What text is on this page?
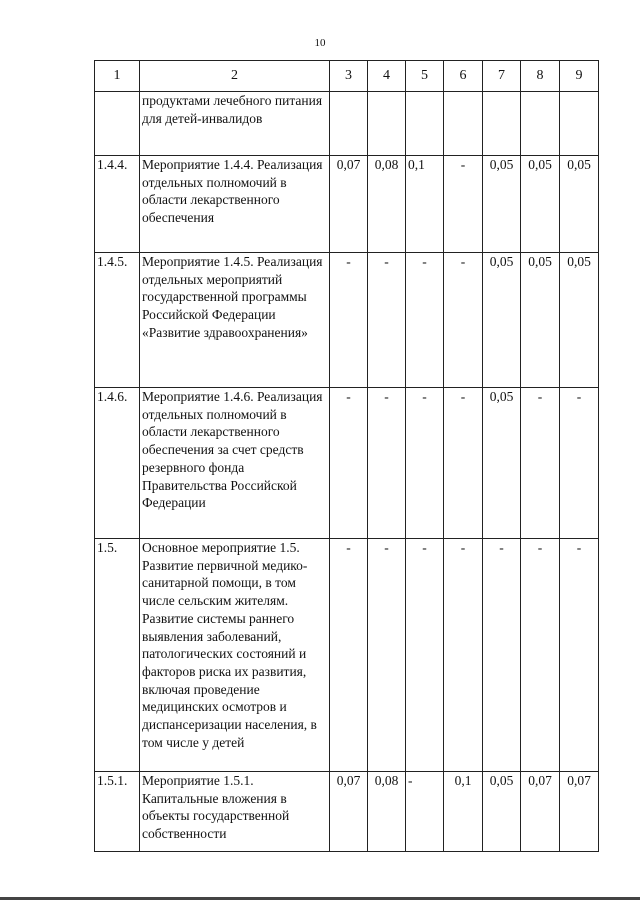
10
1	2	3	4	5	6	7	8	9
	продуктами лечебного питания для детей-инвалидов							
1.4.4.	Мероприятие 1.4.4. Реализация отдельных полномочий в области лекарственного обеспечения	0,07	0,08	0,1	-	0,05	0,05	0,05
1.4.5.	Мероприятие 1.4.5. Реализация отдельных мероприятий государственной программы Российской Федерации «Развитие здравоохранения»	-	-	-	-	0,05	0,05	0,05
1.4.6.	Мероприятие 1.4.6. Реализация отдельных полномочий в области лекарственного обеспечения за счет средств резервного фонда Правительства Российской Федерации	-	-	-	-	0,05	-	-
1.5.	Основное мероприятие 1.5. Развитие первичной медико-санитарной помощи, в том числе сельским жителям. Развитие системы раннего выявления заболеваний, патологических состояний и факторов риска их развития, включая проведение медицинских осмотров и диспансеризации населения, в том числе у детей	-	-	-	-	-	-	-
1.5.1.	Мероприятие 1.5.1. Капитальные вложения в объекты государственной собственности	0,07	0,08	-	0,1	0,05	0,07	0,07
